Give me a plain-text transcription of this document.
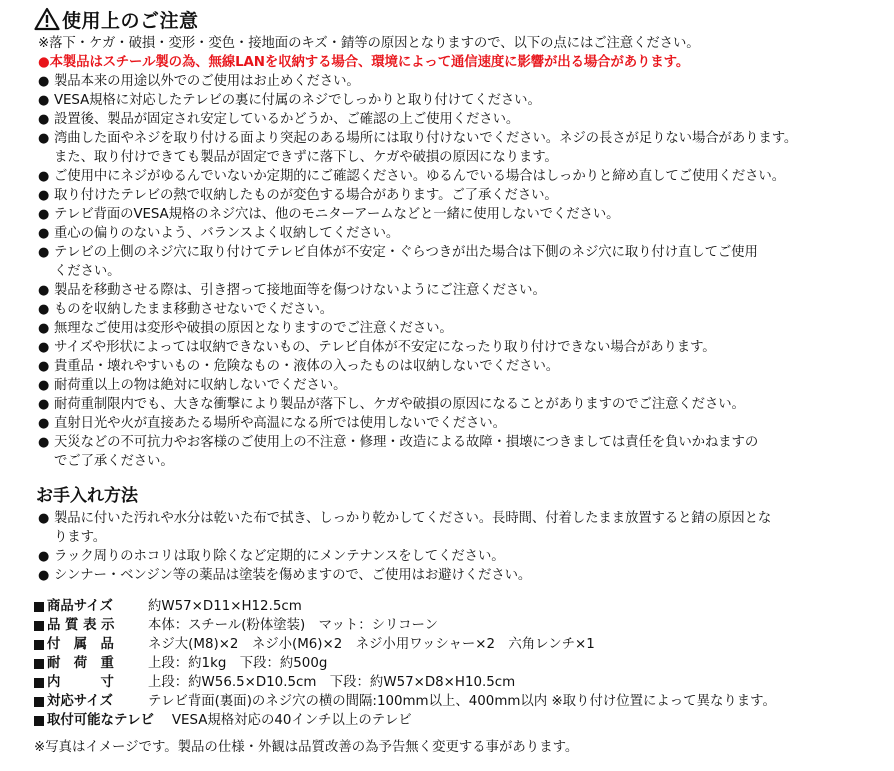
使用上のご注意
※落下・ケガ・破損・変形・変色・接地面のキズ・錆等の原因となりますので、以下の点にはご注意ください。
●本製品はスチール製の為、無線LANを収納する場合、環境によって通信速度に影響が出る場合があります。
● 製品本来の用途以外でのご使用はお止めください。
● VESA規格に対応したテレビの裏に付属のネジでしっかりと取り付けてください。
● 設置後、製品が固定され安定しているかどうか、ご確認の上ご使用ください。
● 湾曲した面やネジを取り付ける面より突起のある場所には取り付けないでください。ネジの長さが足りない場合があります。
また、取り付けできても製品が固定できずに落下し、ケガや破損の原因になります。
● ご使用中にネジがゆるんでいないか定期的にご確認ください。ゆるんでいる場合はしっかりと締め直してご使用ください。
● 取り付けたテレビの熱で収納したものが変色する場合があります。ご了承ください。
● テレビ背面のVESA規格のネジ穴は、他のモニターアームなどと一緒に使用しないでください。
● 重心の偏りのないよう、バランスよく収納してください。
● テレビの上側のネジ穴に取り付けてテレビ自体が不安定・ぐらつきが出た場合は下側のネジ穴に取り付け直してご使用
ください。
● 製品を移動させる際は、引き摺って接地面等を傷つけないようにご注意ください。
● ものを収納したまま移動させないでください。
● 無理なご使用は変形や破損の原因となりますのでご注意ください。
● サイズや形状によっては収納できないもの、テレビ自体が不安定になったり取り付けできない場合があります。
● 貴重品・壊れやすいもの・危険なもの・液体の入ったものは収納しないでください。
● 耐荷重以上の物は絶対に収納しないでください。
● 耐荷重制限内でも、大きな衝撃により製品が落下し、ケガや破損の原因になることがありますのでご注意ください。
● 直射日光や火が直接あたる場所や高温になる所では使用しないでください。
● 天災などの不可抗力やお客様のご使用上の不注意・修理・改造による故障・損壊につきましては責任を負いかねますの
でご了承ください。
お手入れ方法
● 製品に付いた汚れや水分は乾いた布で拭き、しっかり乾かしてください。長時間、付着したまま放置すると錆の原因とな
ります。
● ラック周りのホコリは取り除くなど定期的にメンテナンスをしてください。
● シンナー・ベンジン等の薬品は塗装を傷めますので、ご使用はお避けください。
商品サイズ	約W57×D11×H12.5cm
品 質 表 示	本体：スチール(粉体塗装)　マット：シリコーン
付　属　品	ネジ大(M8)×2　ネジ小(M6)×2　ネジ小用ワッシャー×2　六角レンチ×1
耐　荷　重	上段：約1kg　下段：約500g
内　　　寸	上段：約W56.5×D10.5cm　下段：約W57×D8×H10.5cm
対応サイズ	テレビ背面(裏面)のネジ穴の横の間隔:100mm以上、400mm以内 ※取り付け位置によって異なります。
取付可能なテレビ VESA規格対応の40インチ以上のテレビ
※写真はイメージです。製品の仕様・外観は品質改善の為予告無く変更する事があります。
